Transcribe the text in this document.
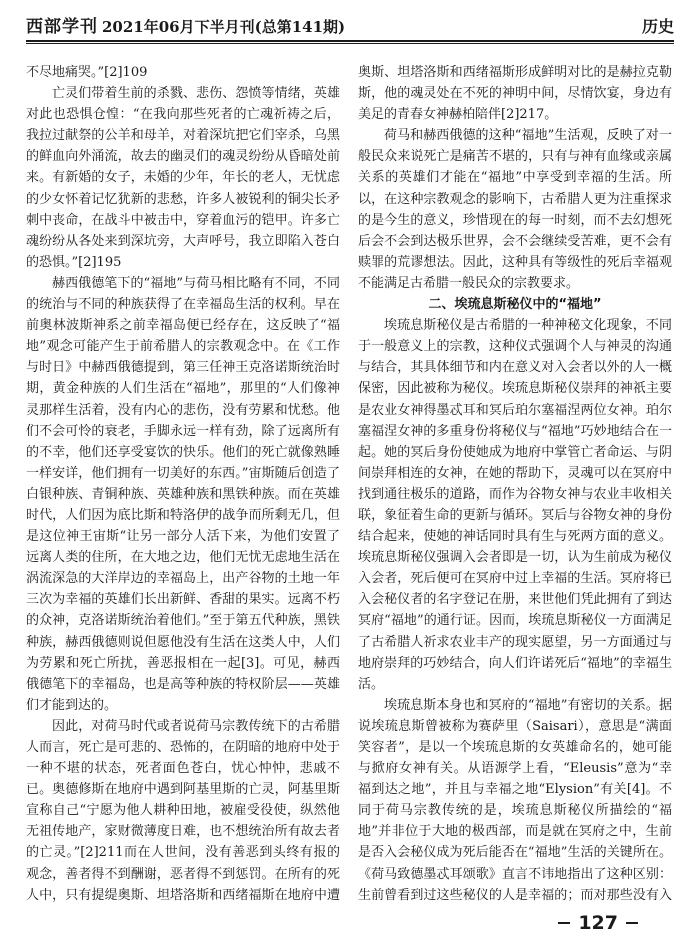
西部学刊 2021年06月下半月刊(总第141期)	历史

不尽地痛哭。”[2]109

亡灵们带着生前的杀戮、悲伤、怨愤等情绪，英雄对此也恐惧仓惶：“在我向那些死者的亡魂祈祷之后，我拉过献祭的公羊和母羊，对着深坑把它们宰杀，乌黑的鲜血向外涌流，故去的幽灵们的魂灵纷纷从昏暗处前来。有新婚的女子，未婚的少年，年长的老人，无忧虑的少女怀着记忆犹新的悲愁，许多人被锐利的铜尖长矛刺中丧命，在战斗中被击中，穿着血污的铠甲。许多亡魂纷纷从各处来到深坑旁，大声呼号，我立即陷入苍白的恐惧。”[2]195

赫西俄德笔下的“福地”与荷马相比略有不同，不同的统治与不同的种族获得了在幸福岛生活的权利。早在前奥林波斯神系之前幸福岛便已经存在，这反映了“福地”观念可能产生于前希腊人的宗教观念中。在《工作与时日》中赫西俄德提到，第三任神王克洛诺斯统治时期，黄金种族的人们生活在“福地”，那里的“人们像神灵那样生活着，没有内心的悲伤，没有劳累和忧愁。他们不会可怜的衰老，手脚永远一样有劲，除了远离所有的不幸，他们还享受宴饮的快乐。他们的死亡就像熟睡一样安详，他们拥有一切美好的东西。”宙斯随后创造了白银种族、青铜种族、英雄种族和黑铁种族。而在英雄时代，人们因为底比斯和特洛伊的战争而所剩无几，但是这位神王宙斯“让另一部分人活下来，为他们安置了远离人类的住所，在大地之边，他们无忧无虑地生活在涡流深急的大洋岸边的幸福岛上，出产谷物的土地一年三次为幸福的英雄们长出新鲜、香甜的果实。远离不朽的众神，克洛诺斯统治着他们。”至于第五代种族，黑铁种族，赫西俄德则说但愿他没有生活在这类人中，人们为劳累和死亡所扰，善恶报相在一起[3]。可见，赫西俄德笔下的幸福岛，也是高等种族的特权阶层——英雄们才能到达的。

因此，对荷马时代或者说荷马宗教传统下的古希腊人而言，死亡是可悲的、恐怖的，在阴暗的地府中处于一种不堪的状态，死者面色苍白，忧心忡忡，悲戚不已。奥德修斯在地府中遇到阿基里斯的亡灵，阿基里斯宣称自己“宁愿为他人耕种田地，被雇受役使，纵然他无祖传地产，家财微薄度日难，也不想统治所有故去者的亡灵。”[2]211而在人世间，没有善恶到头终有报的观念，善者得不到酬谢，恶者得不到惩罚。在所有的死人中，只有提缇奥斯、坦塔洛斯和西绪福斯在地府中遭

奥斯、坦塔洛斯和西绪福斯形成鲜明对比的是赫拉克勒斯，他的魂灵处在不死的神明中间，尽情饮宴，身边有美足的青春女神赫柏陪伴[2]217。

荷马和赫西俄德的这种“福地”生活观，反映了对一般民众来说死亡是痛苦不堪的，只有与神有血缘或亲属关系的英雄们才能在“福地”中享受到幸福的生活。所以，在这种宗教观念的影响下，古希腊人更为注重探求的是今生的意义，珍惜现在的每一时刻，而不去幻想死后会不会到达极乐世界，会不会继续受苦难，更不会有赎罪的荒谬想法。因此，这种具有等级性的死后幸福观不能满足古希腊一般民众的宗教要求。

二、埃琉息斯秘仪中的“福地”

埃琉息斯秘仪是古希腊的一种神秘文化现象，不同于一般意义上的宗教，这种仪式强调个人与神灵的沟通与结合，其具体细节和内在意义对入会者以外的人一概保密，因此被称为秘仪。埃琉息斯秘仪崇拜的神祇主要是农业女神得墨忒耳和冥后珀尔塞福涅两位女神。珀尔塞福涅女神的多重身份将秘仪与“福地”巧妙地结合在一起。她的冥后身份使她成为地府中掌管亡者命运、与阴间崇拜相连的女神，在她的帮助下，灵魂可以在冥府中找到通往极乐的道路，而作为谷物女神与农业丰收相关联，象征着生命的更新与循环。冥后与谷物女神的身份结合起来，使她的神话同时具有生与死两方面的意义。埃琉息斯秘仪强调入会者即是一切，认为生前成为秘仪入会者，死后便可在冥府中过上幸福的生活。冥府将已入会秘仪者的名字登记在册，来世他们凭此拥有了到达冥府“福地”的通行证。因而，埃琉息斯秘仪一方面满足了古希腊人祈求农业丰产的现实愿望，另一方面通过与地府崇拜的巧妙结合，向人们许诺死后“福地”的幸福生活。

埃琉息斯本身也和冥府的“福地”有密切的关系。据说埃琉息斯曾被称为赛萨里（Saisari），意思是“满面笑容者”，是以一个埃琉息斯的女英雄命名的，她可能与掀府女神有关。从语源学上看，“Eleusis”意为“幸福到达之地”，并且与幸福之地“Elysion”有关[4]。不同于荷马宗教传统的是，埃琉息斯秘仪所描绘的“福地”并非位于大地的极西部，而是就在冥府之中，生前是否入会秘仪成为死后能否在“福地”生活的关键所在。《荷马致德墨忒耳颂歌》直言不讳地指出了这种区别：生前曾看到过这些秘仪的人是幸福的；而对那些没有入

127
